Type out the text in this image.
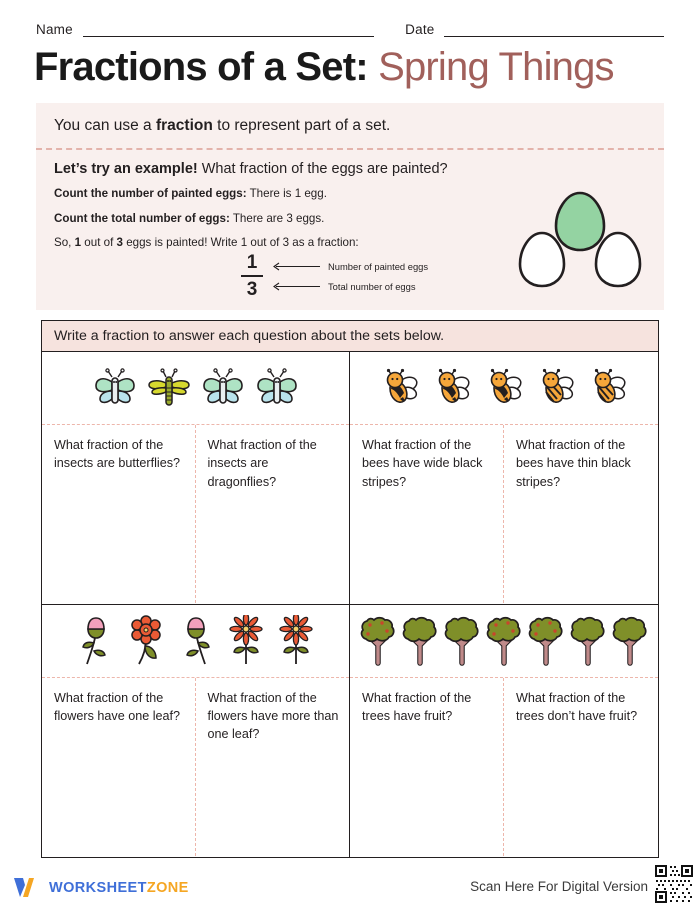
Name	Date
Fractions of a Set: Spring Things
You can use a fraction to represent part of a set.
Let’s try an example! What fraction of the eggs are painted?
Count the number of painted eggs: There is 1 egg.
Count the total number of eggs: There are 3 eggs.
So, 1 out of 3 eggs is painted! Write 1 out of 3 as a fraction:
$\frac{1}{3}$	Number of painted eggs
Total number of eggs
Write a fraction to answer each question about the sets below.
What fraction of the insects are butterflies?
What fraction of the insects are dragonflies?
What fraction of the bees have wide black stripes?
What fraction of the bees have thin black stripes?
What fraction of the flowers have one leaf?
What fraction of the flowers have more than one leaf?
What fraction of the trees have fruit?
What fraction of the trees don’t have fruit?
WORKSHEETZONE	Scan Here For Digital Version
